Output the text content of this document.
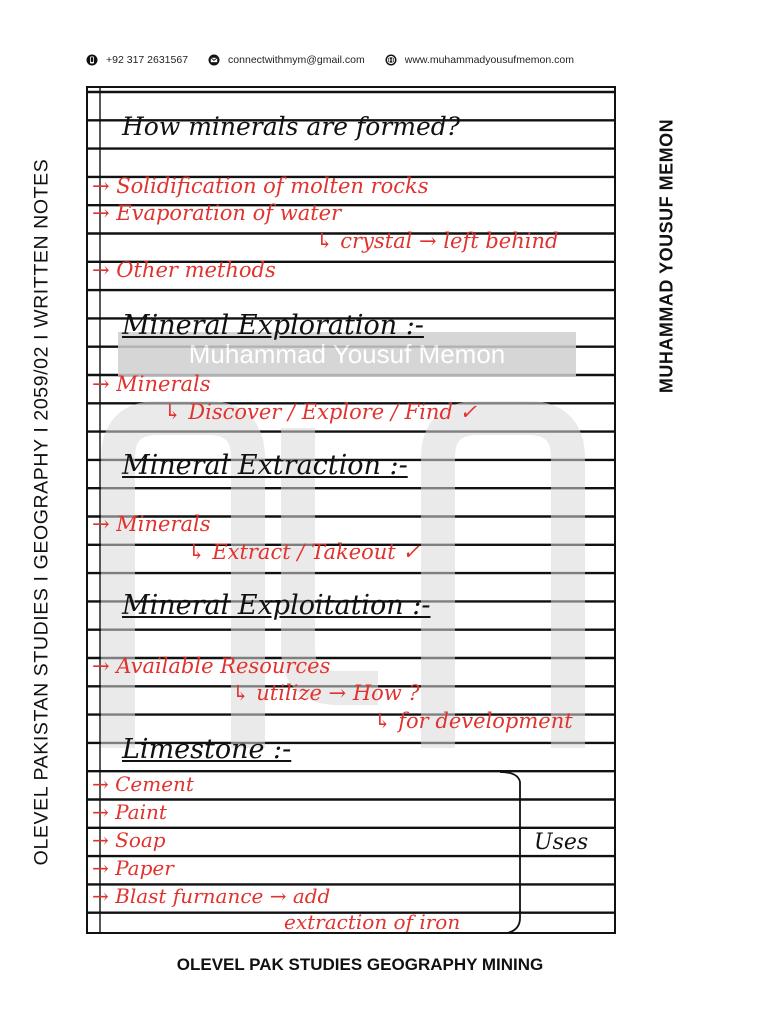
+92 317 2631567	connectwithmym@gmail.com	www.muhammadyousufmemon.com
OLEVEL PAKISTAN STUDIES I GEOGRAPHY I 2059/02 I WRITTEN NOTES	MUHAMMAD YOUSUF MEMON
Muhammad Yousuf Memon
How minerals are formed?
→ Solidification of molten rocks
→ Evaporation of water
↳ crystal → left behind
→ Other methods
Mineral Exploration :-
→ Minerals
↳ Discover / Explore / Find ✓
Mineral Extraction :-
→ Minerals
↳ Extract / Takeout ✓
Mineral Exploitation :-
→ Available Resources
↳ utilize → How ?
↳ for development
Limestone :-
→ Cement
→ Paint
→ Soap
→ Paper
→ Blast furnance → add
extraction of iron
Uses
OLEVEL PAK STUDIES GEOGRAPHY MINING
